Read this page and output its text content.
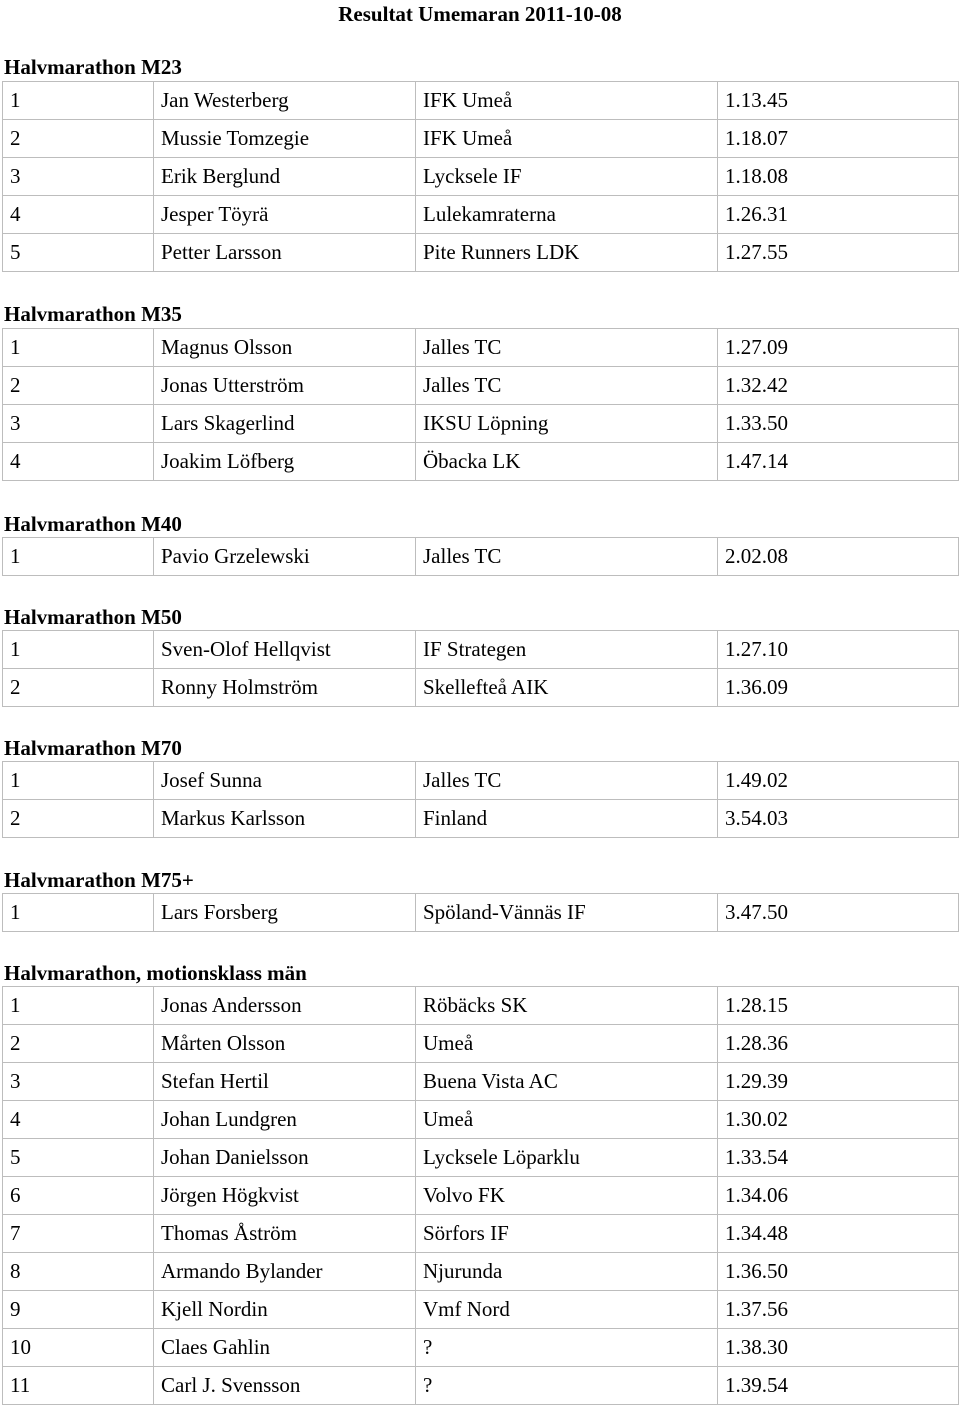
Resultat Umemaran 2011-10-08
Halvmarathon M23
1	Jan Westerberg	IFK Umeå	1.13.45
2	Mussie Tomzegie	IFK Umeå	1.18.07
3	Erik Berglund	Lycksele IF	1.18.08
4	Jesper Töyrä	Lulekamraterna	1.26.31
5	Petter Larsson	Pite Runners LDK	1.27.55
Halvmarathon M35
1	Magnus Olsson	Jalles TC	1.27.09
2	Jonas Utterström	Jalles TC	1.32.42
3	Lars Skagerlind	IKSU Löpning	1.33.50
4	Joakim Löfberg	Öbacka LK	1.47.14
Halvmarathon M40
1	Pavio Grzelewski	Jalles TC	2.02.08
Halvmarathon M50
1	Sven-Olof Hellqvist	IF Strategen	1.27.10
2	Ronny Holmström	Skellefteå AIK	1.36.09
Halvmarathon M70
1	Josef Sunna	Jalles TC	1.49.02
2	Markus Karlsson	Finland	3.54.03
Halvmarathon M75+
1	Lars Forsberg	Spöland-Vännäs IF	3.47.50
Halvmarathon, motionsklass män
1	Jonas Andersson	Röbäcks SK	1.28.15
2	Mårten Olsson	Umeå	1.28.36
3	Stefan Hertil	Buena Vista AC	1.29.39
4	Johan Lundgren	Umeå	1.30.02
5	Johan Danielsson	Lycksele Löparklu	1.33.54
6	Jörgen Högkvist	Volvo FK	1.34.06
7	Thomas Åström	Sörfors IF	1.34.48
8	Armando Bylander	Njurunda	1.36.50
9	Kjell Nordin	Vmf Nord	1.37.56
10	Claes Gahlin	?	1.38.30
11	Carl J. Svensson	?	1.39.54
